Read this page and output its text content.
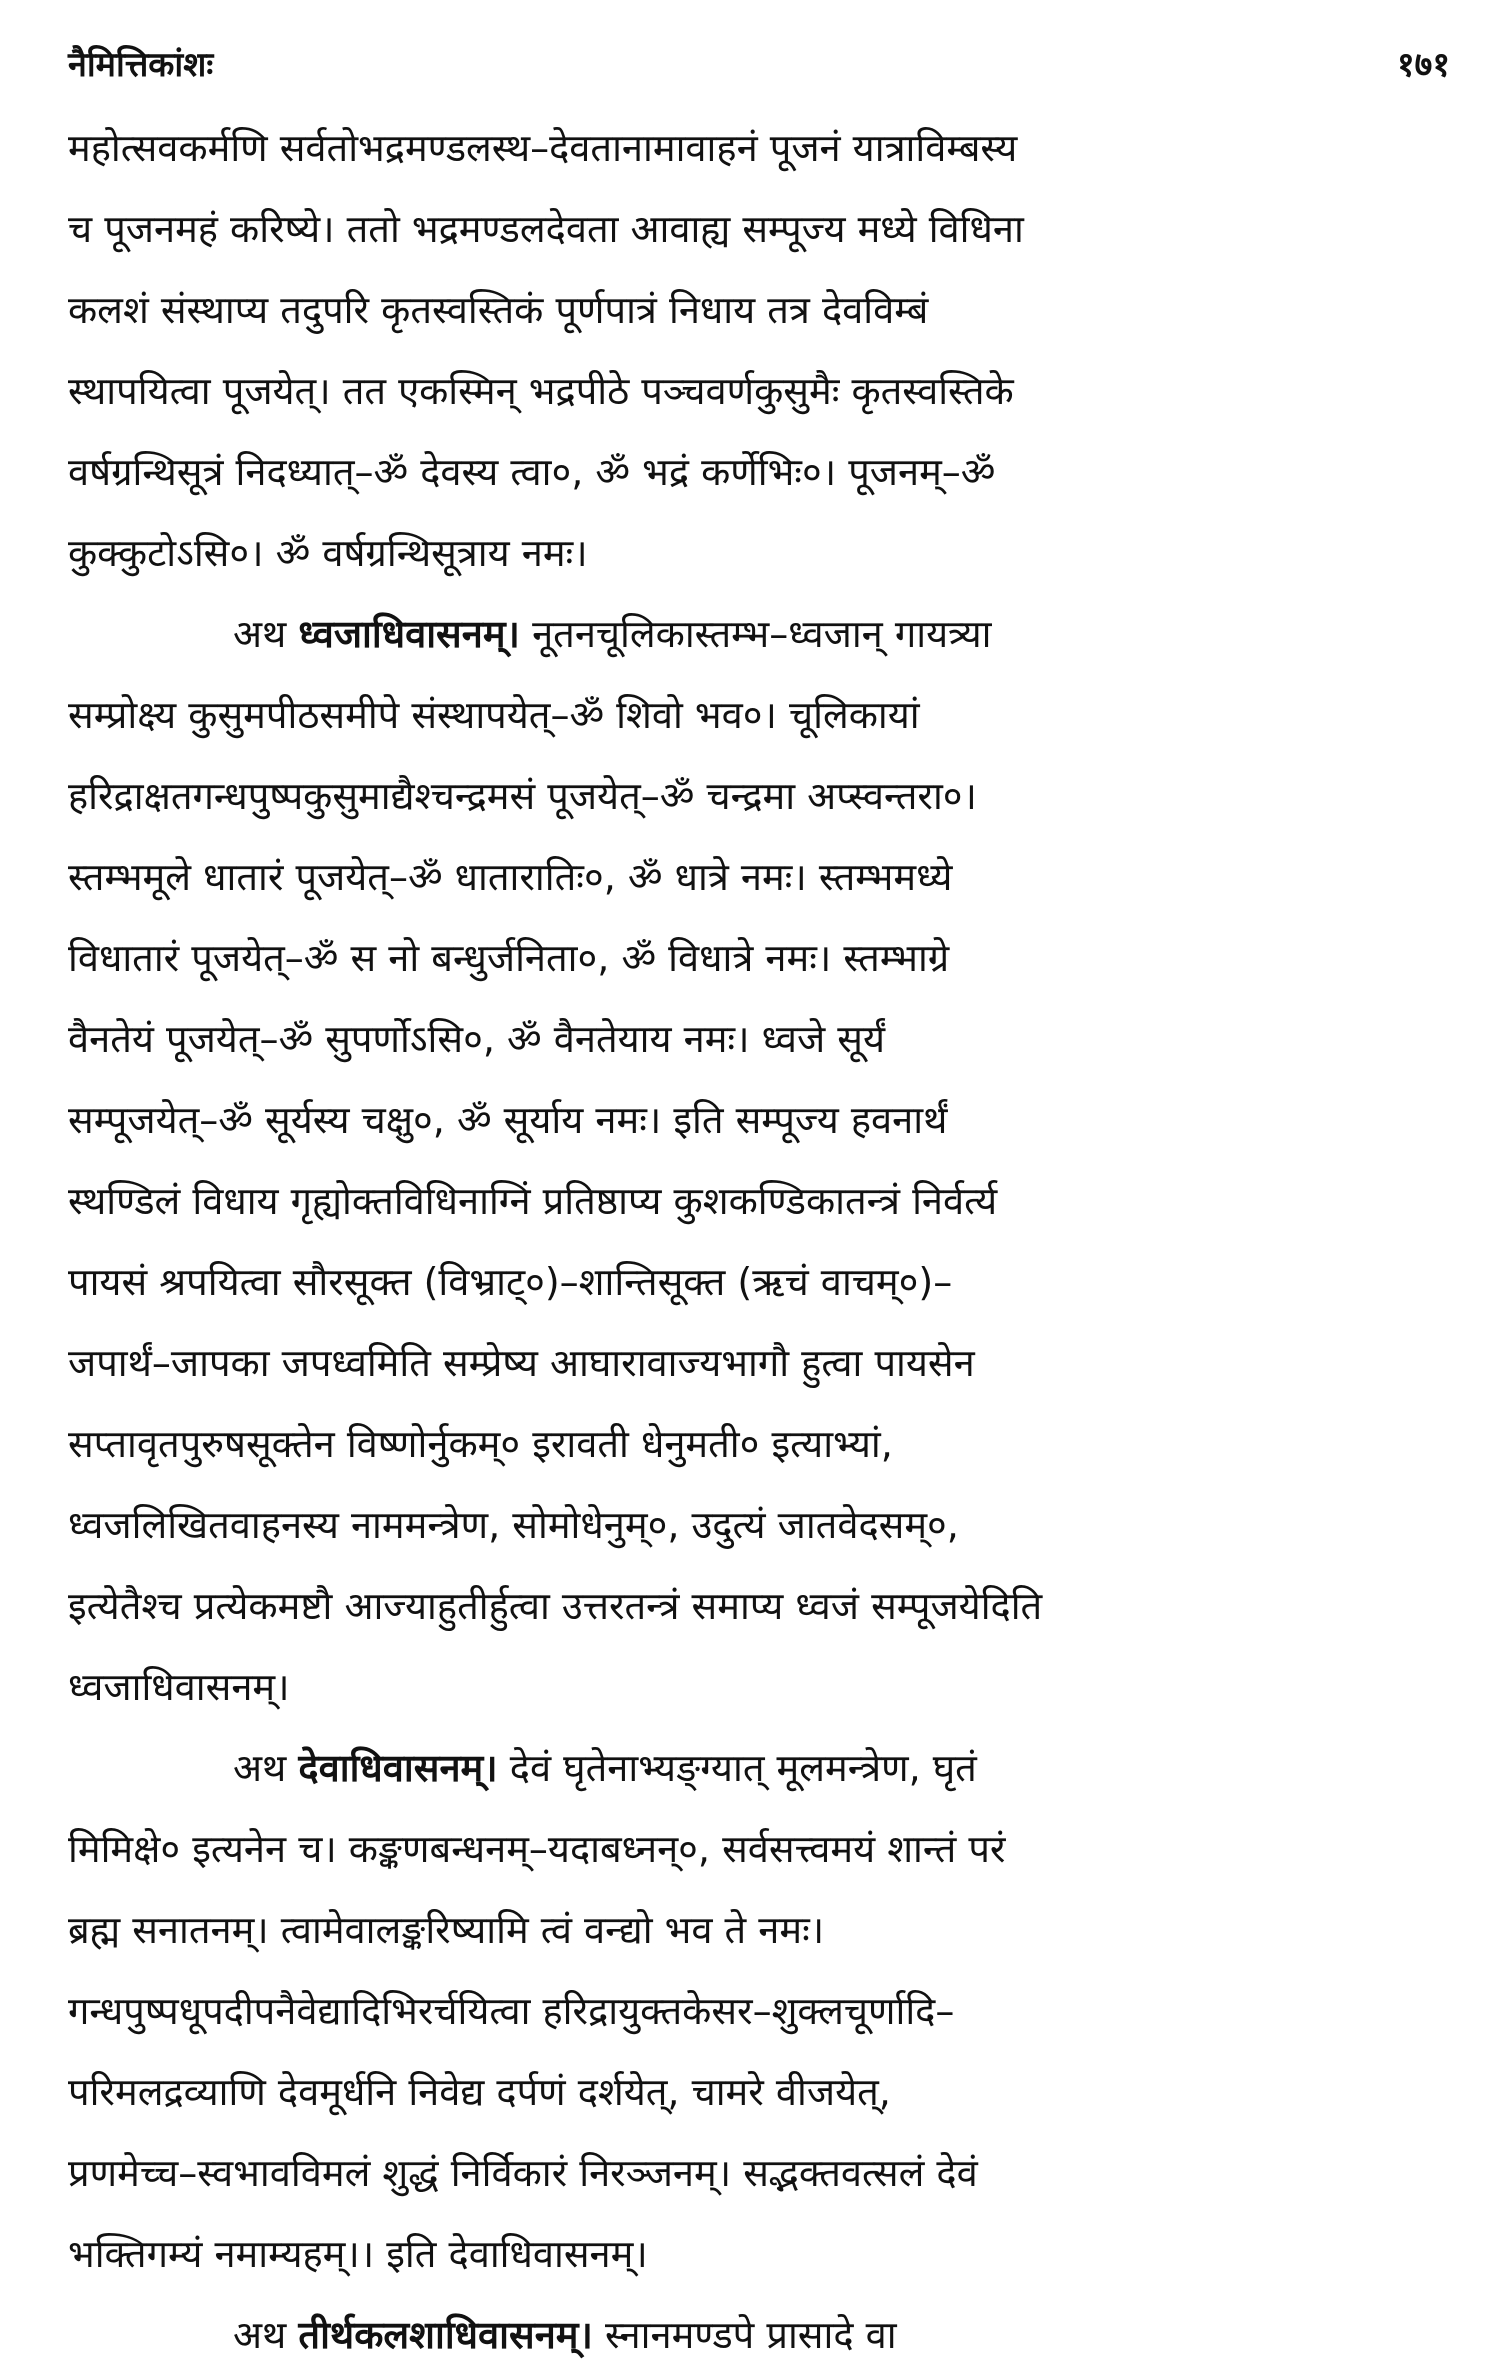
नैमित्तिकांशः	१७१
महोत्सवकर्मणि सर्वतोभद्रमण्डलस्थ–देवतानामावाहनं पूजनं यात्राविम्बस्य
च पूजनमहं करिष्ये। ततो भद्रमण्डलदेवता आवाह्य सम्पूज्य मध्ये विधिना
कलशं संस्थाप्य तदुपरि कृतस्वस्तिकं पूर्णपात्रं निधाय तत्र देवविम्बं
स्थापयित्वा पूजयेत्। तत एकस्मिन् भद्रपीठे पञ्चवर्णकुसुमैः कृतस्वस्तिके
वर्षग्रन्थिसूत्रं निदध्यात्–ॐ देवस्य त्वा०, ॐ भद्रं कर्णेभिः०। पूजनम्–ॐ
कुक्कुटोऽसि०। ॐ वर्षग्रन्थिसूत्राय नमः।
अथ ध्वजाधिवासनम्। नूतनचूलिकास्तम्भ–ध्वजान् गायत्र्या
सम्प्रोक्ष्य कुसुमपीठसमीपे संस्थापयेत्–ॐ शिवो भव०। चूलिकायां
हरिद्राक्षतगन्धपुष्पकुसुमाद्यैश्चन्द्रमसं पूजयेत्–ॐ चन्द्रमा अप्स्वन्तरा०।
स्तम्भमूले धातारं पूजयेत्–ॐ धातारातिः०, ॐ धात्रे नमः। स्तम्भमध्ये
विधातारं पूजयेत्–ॐ स नो बन्धुर्जनिता०, ॐ विधात्रे नमः। स्तम्भाग्रे
वैनतेयं पूजयेत्–ॐ सुपर्णोऽसि०, ॐ वैनतेयाय नमः। ध्वजे सूर्यं
सम्पूजयेत्–ॐ सूर्यस्य चक्षु०, ॐ सूर्याय नमः। इति सम्पूज्य हवनार्थं
स्थण्डिलं विधाय गृह्योक्तविधिनाग्निं प्रतिष्ठाप्य कुशकण्डिकातन्त्रं निर्वर्त्य
पायसं श्रपयित्वा सौरसूक्त (विभ्राट्०)–शान्तिसूक्त (ऋचं वाचम्०)–
जपार्थं–जापका जपध्वमिति सम्प्रेष्य आघारावाज्यभागौ हुत्वा पायसेन
सप्तावृतपुरुषसूक्तेन विष्णोर्नुकम्० इरावती धेनुमती० इत्याभ्यां,
ध्वजलिखितवाहनस्य नाममन्त्रेण, सोमोधेनुम्०, उदुत्यं जातवेदसम्०,
इत्येतैश्च प्रत्येकमष्टौ आज्याहुतीर्हुत्वा उत्तरतन्त्रं समाप्य ध्वजं सम्पूजयेदिति
ध्वजाधिवासनम्।
अथ देवाधिवासनम्। देवं घृतेनाभ्यङ्ग्यात् मूलमन्त्रेण, घृतं
मिमिक्षे० इत्यनेन च। कङ्कणबन्धनम्–यदाबध्नन्०, सर्वसत्त्वमयं शान्तं परं
ब्रह्म सनातनम्। त्वामेवालङ्करिष्यामि त्वं वन्द्यो भव ते नमः।
गन्धपुष्पधूपदीपनैवेद्यादिभिरर्चयित्वा हरिद्रायुक्तकेसर–शुक्लचूर्णादि–
परिमलद्रव्याणि देवमूर्धनि निवेद्य दर्पणं दर्शयेत्, चामरे वीजयेत्,
प्रणमेच्च–स्वभावविमलं शुद्धं निर्विकारं निरञ्जनम्। सद्भक्तवत्सलं देवं
भक्तिगम्यं नमाम्यहम्।। इति देवाधिवासनम्।
अथ तीर्थकलशाधिवासनम्। स्नानमण्डपे प्रासादे वा
